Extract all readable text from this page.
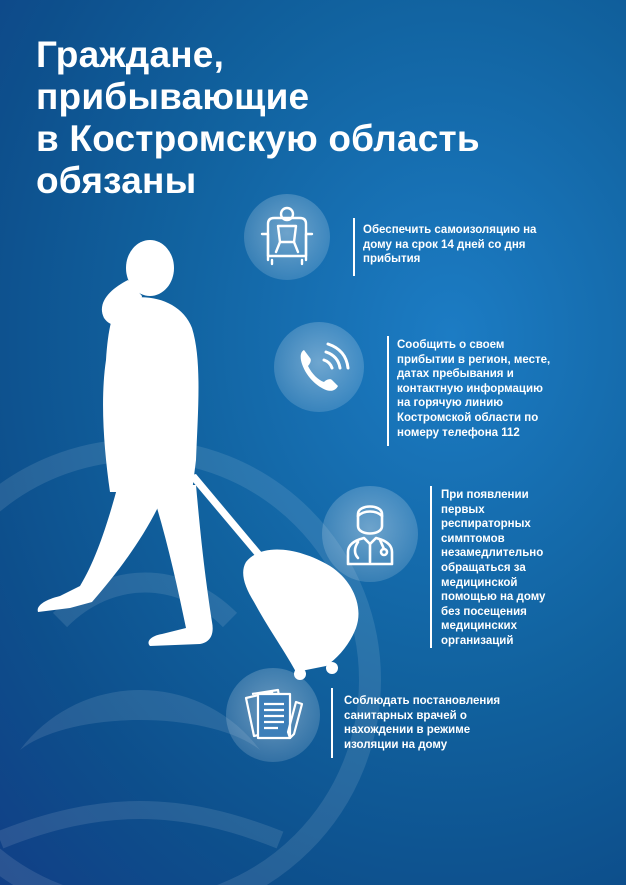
Граждане,
прибывающие
в Костромскую область
обязаны

Обеспечить самоизоляцию на
дому на срок 14 дней со дня
прибытия

Сообщить о своем
прибытии в регион, месте,
датах пребывания и
контактную информацию
на горячую линию
Костромской области по
номеру телефона 112

При появлении
первых
респираторных
симптомов
незамедлительно
обращаться за
медицинской
помощью на дому
без посещения
медицинских
организаций

Соблюдать постановления
санитарных врачей о
нахождении в режиме
изоляции на дому
